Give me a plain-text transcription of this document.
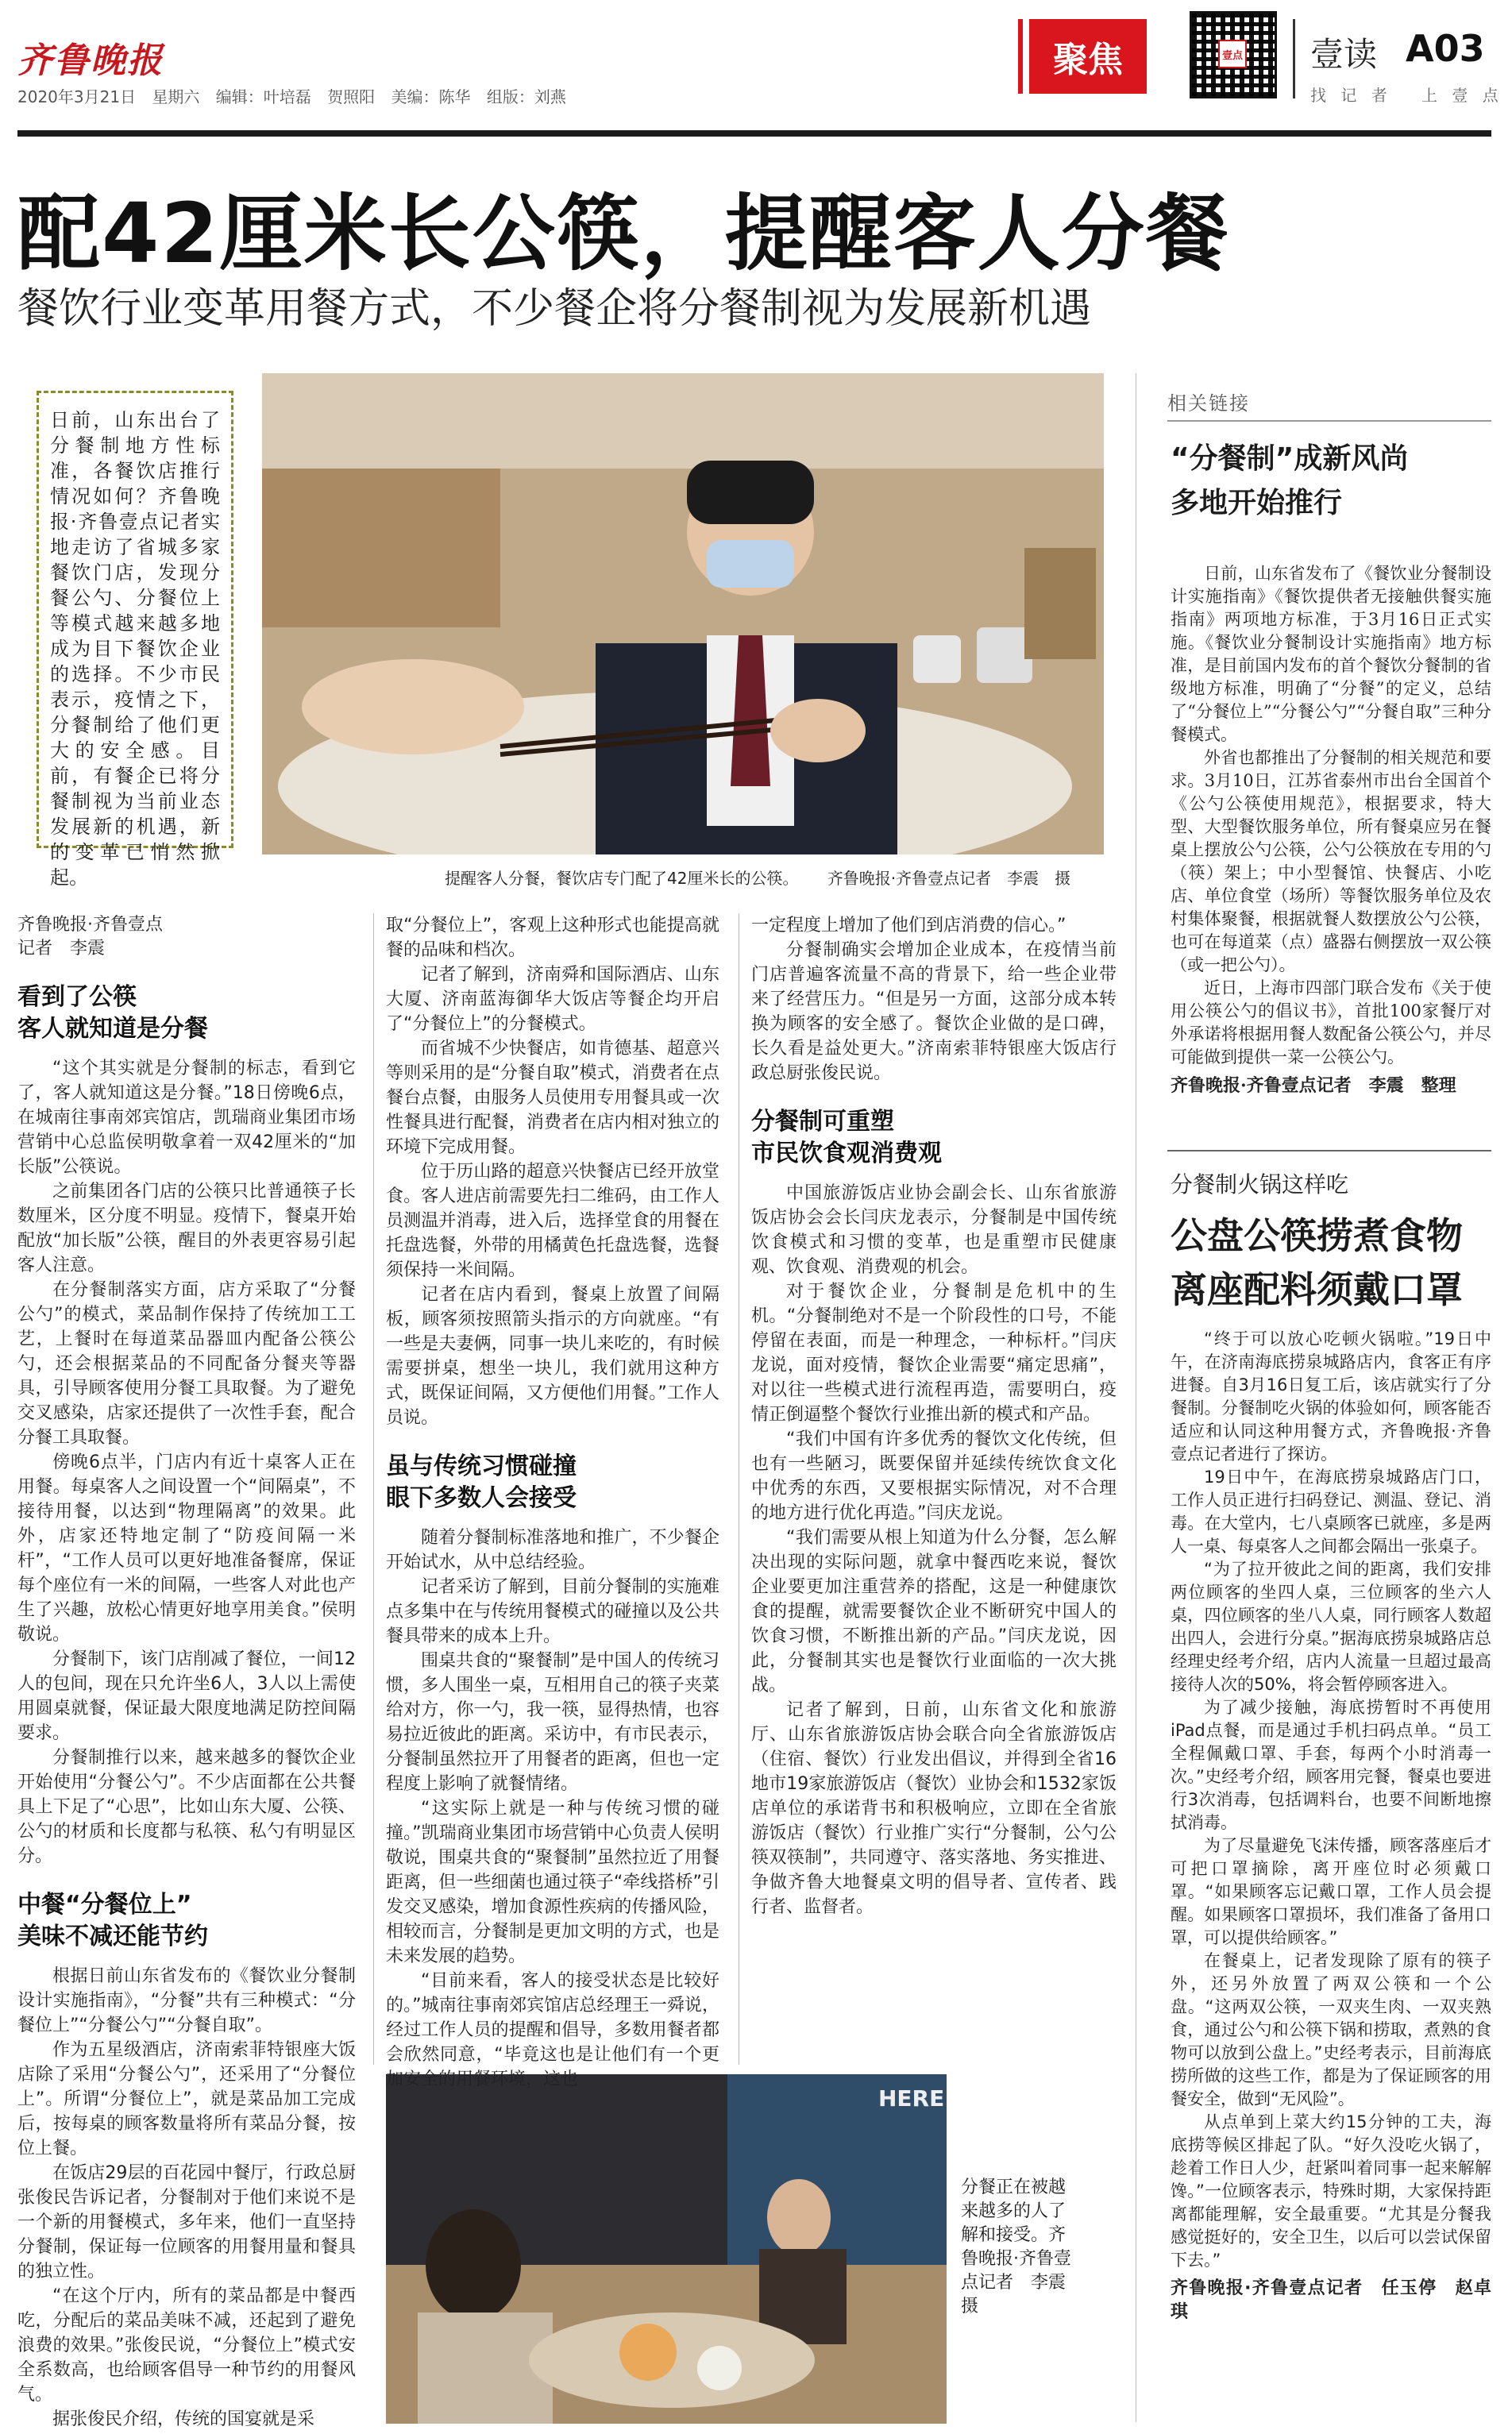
齐鲁晚报
2020年3月21日 星期六 编辑：叶培磊 贺照阳 美编：陈华 组版：刘燕
聚焦	壹点 壹读 A03
找 记 者 上 壹 点
配42厘米长公筷，提醒客人分餐
餐饮行业变革用餐方式，不少餐企将分餐制视为发展新机遇
日前，山东出台了分餐制地方性标准，各餐饮店推行情况如何？齐鲁晚报·齐鲁壹点记者实地走访了省城多家餐饮门店，发现分餐公勺、分餐位上等模式越来越多地成为目下餐饮企业的选择。不少市民表示，疫情之下，分餐制给了他们更大的安全感。目前，有餐企已将分餐制视为当前业态发展新的机遇，新的变革已悄然掀起。	提醒客人分餐，餐饮店专门配了42厘米长的公筷。 齐鲁晚报·齐鲁壹点记者　李震　摄
HERE
分餐正在被越来越多的人了解和接受。齐鲁晚报·齐鲁壹点记者　李震　摄
齐鲁晚报·齐鲁壹点
记者　李震
看到了公筷
客人就知道是分餐

“这个其实就是分餐制的标志，看到它了，客人就知道这是分餐。”18日傍晚6点，在城南往事南郊宾馆店，凯瑞商业集团市场营销中心总监侯明敬拿着一双42厘米的“加长版”公筷说。

之前集团各门店的公筷只比普通筷子长数厘米，区分度不明显。疫情下，餐桌开始配放“加长版”公筷，醒目的外表更容易引起客人注意。

在分餐制落实方面，店方采取了“分餐公勺”的模式，菜品制作保持了传统加工工艺，上餐时在每道菜品器皿内配备公筷公勺，还会根据菜品的不同配备分餐夹等器具，引导顾客使用分餐工具取餐。为了避免交叉感染，店家还提供了一次性手套，配合分餐工具取餐。

傍晚6点半，门店内有近十桌客人正在用餐。每桌客人之间设置一个“间隔桌”，不接待用餐，以达到“物理隔离”的效果。此外，店家还特地定制了“防疫间隔一米杆”，“工作人员可以更好地准备餐席，保证每个座位有一米的间隔，一些客人对此也产生了兴趣，放松心情更好地享用美食。”侯明敬说。

分餐制下，该门店削减了餐位，一间12人的包间，现在只允许坐6人，3人以上需使用圆桌就餐，保证最大限度地满足防控间隔要求。

分餐制推行以来，越来越多的餐饮企业开始使用“分餐公勺”。不少店面都在公共餐具上下足了“心思”，比如山东大厦、公筷、公勺的材质和长度都与私筷、私勺有明显区分。

中餐“分餐位上”
美味不减还能节约

根据日前山东省发布的《餐饮业分餐制设计实施指南》，“分餐”共有三种模式：“分餐位上”“分餐公勺”“分餐自取”。

作为五星级酒店，济南索菲特银座大饭店除了采用“分餐公勺”，还采用了“分餐位上”。所谓“分餐位上”，就是菜品加工完成后，按每桌的顾客数量将所有菜品分餐，按位上餐。

在饭店29层的百花园中餐厅，行政总厨张俊民告诉记者，分餐制对于他们来说不是一个新的用餐模式，多年来，他们一直坚持分餐制，保证每一位顾客的用餐用量和餐具的独立性。

“在这个厅内，所有的菜品都是中餐西吃，分配后的菜品美味不减，还起到了避免浪费的效果。”张俊民说，“分餐位上”模式安全系数高，也给顾客倡导一种节约的用餐风气。

据张俊民介绍，传统的国宴就是采

取“分餐位上”，客观上这种形式也能提高就餐的品味和档次。

记者了解到，济南舜和国际酒店、山东大厦、济南蓝海御华大饭店等餐企均开启了“分餐位上”的分餐模式。

而省城不少快餐店，如肯德基、超意兴等则采用的是“分餐自取”模式，消费者在点餐台点餐，由服务人员使用专用餐具或一次性餐具进行配餐，消费者在店内相对独立的环境下完成用餐。

位于历山路的超意兴快餐店已经开放堂食。客人进店前需要先扫二维码，由工作人员测温并消毒，进入后，选择堂食的用餐在托盘选餐，外带的用橘黄色托盘选餐，选餐须保持一米间隔。

记者在店内看到，餐桌上放置了间隔板，顾客须按照箭头指示的方向就座。“有一些是夫妻俩，同事一块儿来吃的，有时候需要拼桌，想坐一块儿，我们就用这种方式，既保证间隔，又方便他们用餐。”工作人员说。

虽与传统习惯碰撞
眼下多数人会接受

随着分餐制标准落地和推广，不少餐企开始试水，从中总结经验。

记者采访了解到，目前分餐制的实施难点多集中在与传统用餐模式的碰撞以及公共餐具带来的成本上升。

围桌共食的“聚餐制”是中国人的传统习惯，多人围坐一桌，互相用自己的筷子夹菜给对方，你一勺，我一筷，显得热情，也容易拉近彼此的距离。采访中，有市民表示，分餐制虽然拉开了用餐者的距离，但也一定程度上影响了就餐情绪。

“这实际上就是一种与传统习惯的碰撞。”凯瑞商业集团市场营销中心负责人侯明敬说，围桌共食的“聚餐制”虽然拉近了用餐距离，但一些细菌也通过筷子“牵线搭桥”引发交叉感染，增加食源性疾病的传播风险，相较而言，分餐制是更加文明的方式，也是未来发展的趋势。

“目前来看，客人的接受状态是比较好的。”城南往事南郊宾馆店总经理王一舜说，经过工作人员的提醒和倡导，多数用餐者都会欣然同意，“毕竟这也是让他们有一个更加安全的用餐环境，这也

一定程度上增加了他们到店消费的信心。”

分餐制确实会增加企业成本，在疫情当前门店普遍客流量不高的背景下，给一些企业带来了经营压力。“但是另一方面，这部分成本转换为顾客的安全感了。餐饮企业做的是口碑，长久看是益处更大。”济南索菲特银座大饭店行政总厨张俊民说。

分餐制可重塑
市民饮食观消费观

中国旅游饭店业协会副会长、山东省旅游饭店协会会长闫庆龙表示，分餐制是中国传统饮食模式和习惯的变革，也是重塑市民健康观、饮食观、消费观的机会。

对于餐饮企业，分餐制是危机中的生机。“分餐制绝对不是一个阶段性的口号，不能停留在表面，而是一种理念，一种标杆。”闫庆龙说，面对疫情，餐饮企业需要“痛定思痛”，对以往一些模式进行流程再造，需要明白，疫情正倒逼整个餐饮行业推出新的模式和产品。

“我们中国有许多优秀的餐饮文化传统，但也有一些陋习，既要保留并延续传统饮食文化中优秀的东西，又要根据实际情况，对不合理的地方进行优化再造。”闫庆龙说。

“我们需要从根上知道为什么分餐，怎么解决出现的实际问题，就拿中餐西吃来说，餐饮企业要更加注重营养的搭配，这是一种健康饮食的提醒，就需要餐饮企业不断研究中国人的饮食习惯，不断推出新的产品。”闫庆龙说，因此，分餐制其实也是餐饮行业面临的一次大挑战。

记者了解到，日前，山东省文化和旅游厅、山东省旅游饭店协会联合向全省旅游饭店（住宿、餐饮）行业发出倡议，并得到全省16地市19家旅游饭店（餐饮）业协会和1532家饭店单位的承诺背书和积极响应，立即在全省旅游饭店（餐饮）行业推广实行“分餐制，公勺公筷双筷制”，共同遵守、落实落地、务实推进、争做齐鲁大地餐桌文明的倡导者、宣传者、践行者、监督者。

相关链接
“分餐制”成新风尚
多地开始推行

日前，山东省发布了《餐饮业分餐制设计实施指南》《餐饮提供者无接触供餐实施指南》两项地方标准，于3月16日正式实施。《餐饮业分餐制设计实施指南》地方标准，是目前国内发布的首个餐饮分餐制的省级地方标准，明确了“分餐”的定义，总结了“分餐位上”“分餐公勺”“分餐自取”三种分餐模式。

外省也都推出了分餐制的相关规范和要求。3月10日，江苏省泰州市出台全国首个《公勺公筷使用规范》，根据要求，特大型、大型餐饮服务单位，所有餐桌应另在餐桌上摆放公勺公筷，公勺公筷放在专用的勺（筷）架上；中小型餐馆、快餐店、小吃店、单位食堂（场所）等餐饮服务单位及农村集体聚餐，根据就餐人数摆放公勺公筷，也可在每道菜（点）盛器右侧摆放一双公筷（或一把公勺）。

近日，上海市四部门联合发布《关于使用公筷公勺的倡议书》，首批100家餐厅对外承诺将根据用餐人数配备公筷公勺，并尽可能做到提供一菜一公筷公勺。

齐鲁晚报·齐鲁壹点记者　李震　整理
分餐制火锅这样吃
公盘公筷捞煮食物
离座配料须戴口罩

“终于可以放心吃顿火锅啦。”19日中午，在济南海底捞泉城路店内，食客正有序进餐。自3月16日复工后，该店就实行了分餐制。分餐制吃火锅的体验如何，顾客能否适应和认同这种用餐方式，齐鲁晚报·齐鲁壹点记者进行了探访。

19日中午，在海底捞泉城路店门口，工作人员正进行扫码登记、测温、登记、消毒。在大堂内，七八桌顾客已就座，多是两人一桌、每桌客人之间都会隔出一张桌子。

“为了拉开彼此之间的距离，我们安排两位顾客的坐四人桌，三位顾客的坐六人桌，四位顾客的坐八人桌，同行顾客人数超出四人，会进行分桌。”据海底捞泉城路店总经理史经考介绍，店内人流量一旦超过最高接待人次的50%，将会暂停顾客进入。

为了减少接触，海底捞暂时不再使用iPad点餐，而是通过手机扫码点单。“员工全程佩戴口罩、手套，每两个小时消毒一次。”史经考介绍，顾客用完餐，餐桌也要进行3次消毒，包括调料台，也要不间断地擦拭消毒。

为了尽量避免飞沫传播，顾客落座后才可把口罩摘除，离开座位时必须戴口罩。“如果顾客忘记戴口罩，工作人员会提醒。如果顾客口罩损坏，我们准备了备用口罩，可以提供给顾客。”

在餐桌上，记者发现除了原有的筷子外，还另外放置了两双公筷和一个公盘。“这两双公筷，一双夹生肉、一双夹熟食，通过公勺和公筷下锅和捞取，煮熟的食物可以放到公盘上。”史经考表示，目前海底捞所做的这些工作，都是为了保证顾客的用餐安全，做到“无风险”。

从点单到上菜大约15分钟的工夫，海底捞等候区排起了队。“好久没吃火锅了，趁着工作日人少，赶紧叫着同事一起来解解馋。”一位顾客表示，特殊时期，大家保持距离都能理解，安全最重要。“尤其是分餐我感觉挺好的，安全卫生，以后可以尝试保留下去。”

齐鲁晚报·齐鲁壹点记者　任玉停　赵卓琪
